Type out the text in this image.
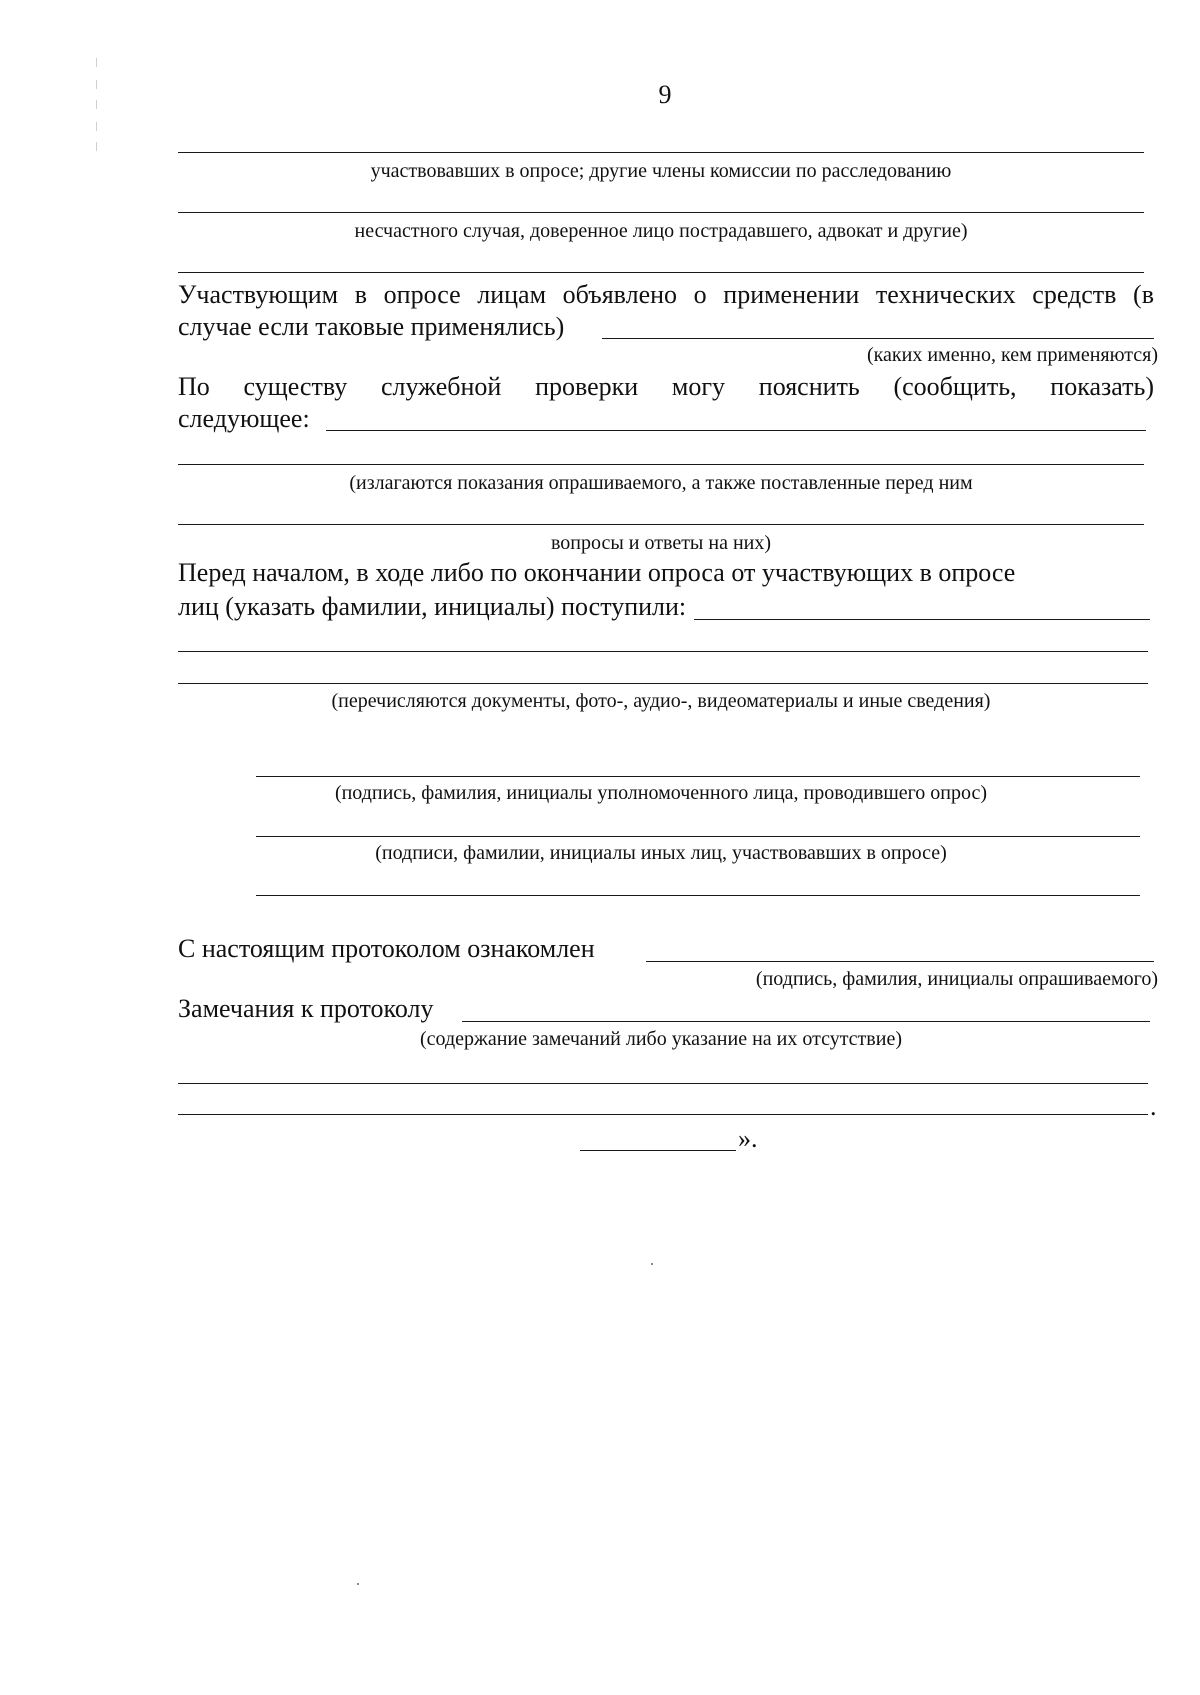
9
участвовавших в опросе; другие члены комиссии по расследованию
несчастного случая, доверенное лицо пострадавшего, адвокат и другие)
Участвующим в опросе лицам объявлено о применении технических средств (в
случае если таковые применялись)
(каких именно, кем применяются)
По существу служебной проверки могу пояснить (сообщить, показать)
следующее:
(излагаются показания опрашиваемого, а также поставленные перед ним
вопросы и ответы на них)
Перед началом, в ходе либо по окончании опроса от участвующих в опросе
лиц (указать фамилии, инициалы) поступили:
(перечисляются документы, фото-, аудио-, видеоматериалы и иные сведения)
(подпись, фамилия, инициалы уполномоченного лица, проводившего опрос)
(подписи, фамилии, инициалы иных лиц, участвовавших в опросе)
С настоящим протоколом ознакомлен
(подпись, фамилия, инициалы опрашиваемого)
Замечания к протоколу
(содержание замечаний либо указание на их отсутствие)
.
».
